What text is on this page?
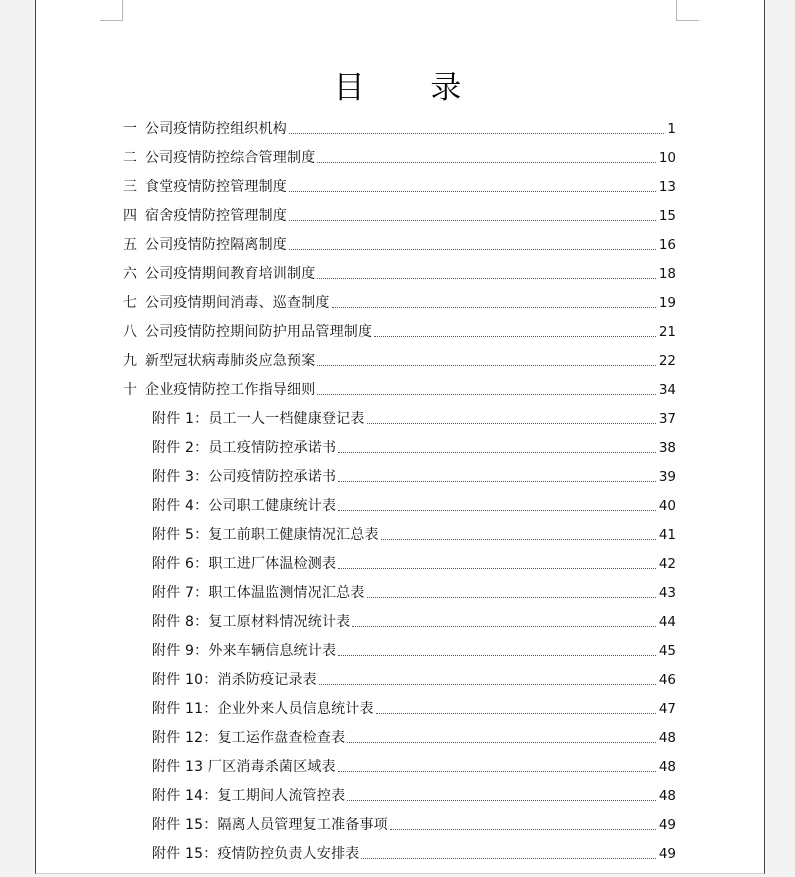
目 录
一 公司疫情防控组织机构	1
二 公司疫情防控综合管理制度	10
三 食堂疫情防控管理制度	13
四 宿舍疫情防控管理制度	15
五 公司疫情防控隔离制度	16
六 公司疫情期间教育培训制度	18
七 公司疫情期间消毒、巡查制度	19
八 公司疫情防控期间防护用品管理制度	21
九 新型冠状病毒肺炎应急预案	22
十 企业疫情防控工作指导细则	34
附件 1：员工一人一档健康登记表	37
附件 2：员工疫情防控承诺书	38
附件 3：公司疫情防控承诺书	39
附件 4：公司职工健康统计表	40
附件 5：复工前职工健康情况汇总表	41
附件 6：职工进厂体温检测表	42
附件 7：职工体温监测情况汇总表	43
附件 8：复工原材料情况统计表	44
附件 9：外来车辆信息统计表	45
附件 10：消杀防疫记录表	46
附件 11：企业外来人员信息统计表	47
附件 12：复工运作盘查检查表	48
附件 13 厂区消毒杀菌区域表	48
附件 14：复工期间人流管控表	48
附件 15：隔离人员管理复工准备事项	49
附件 15：疫情防控负责人安排表	49
